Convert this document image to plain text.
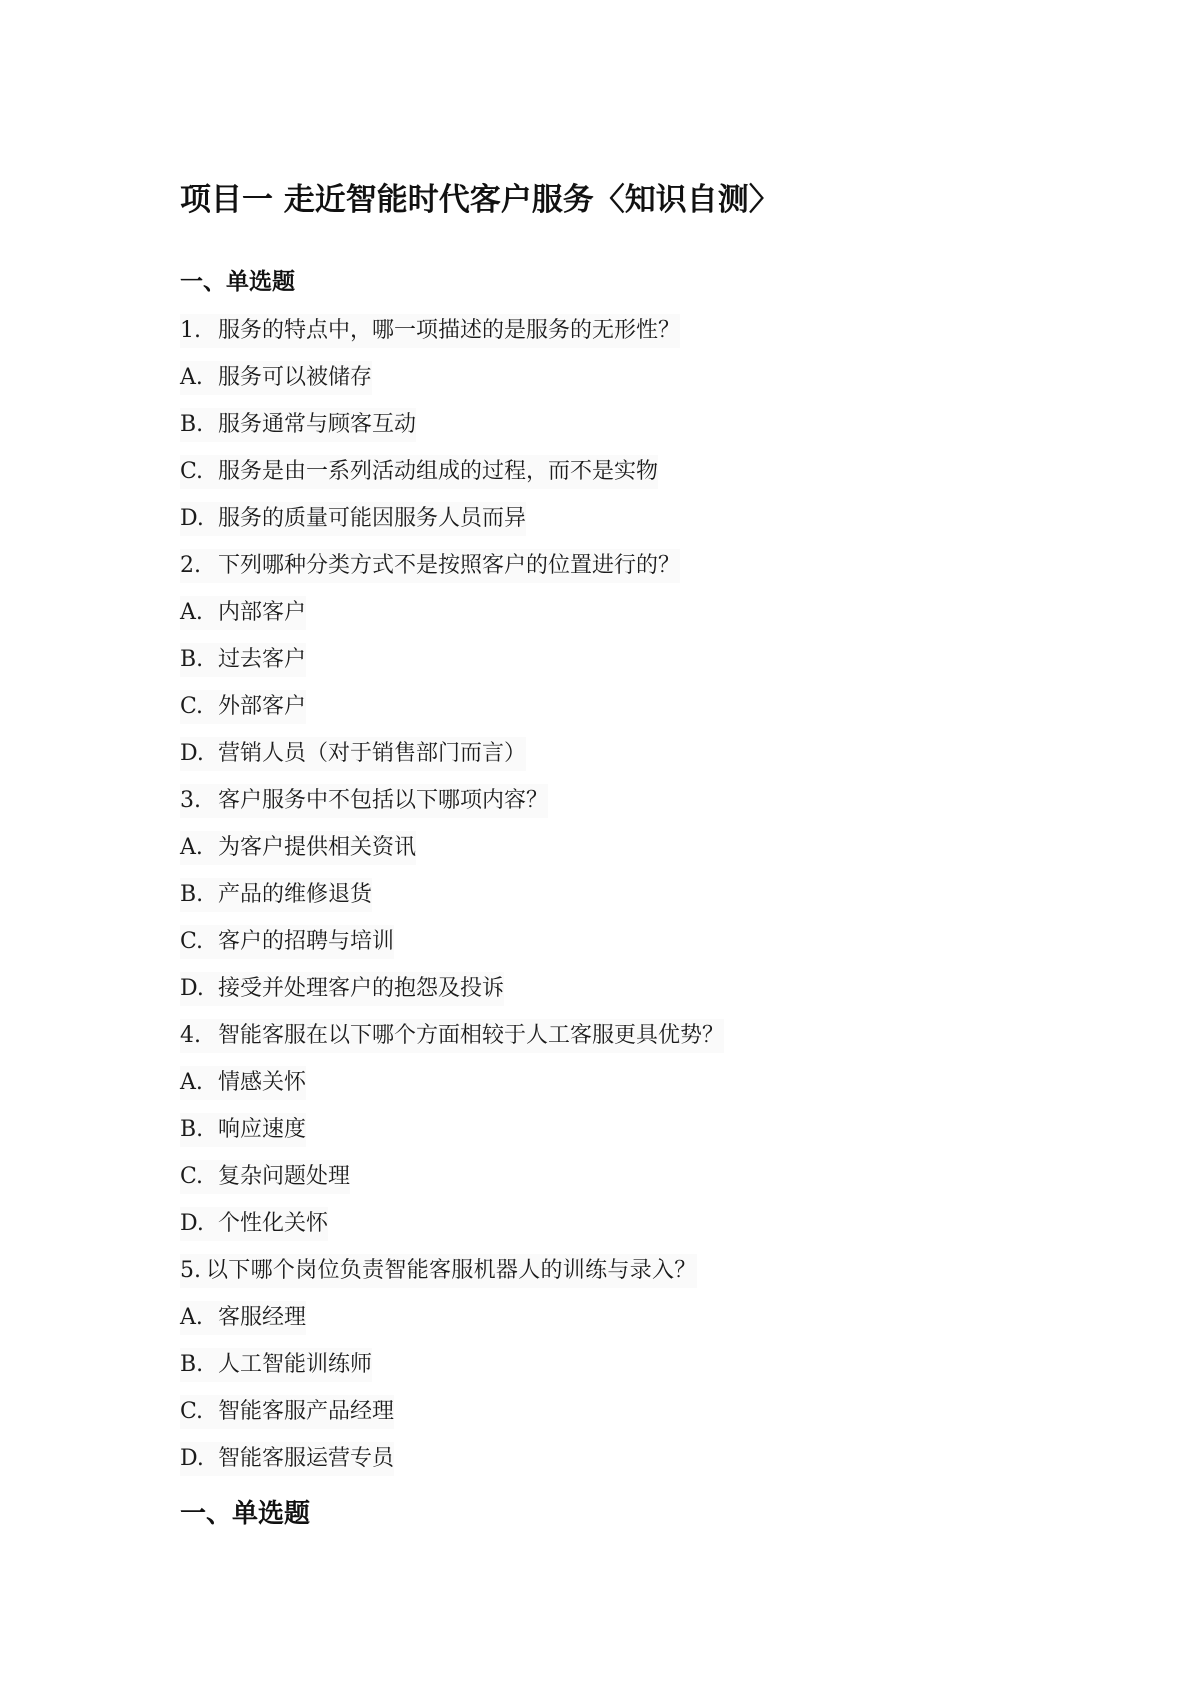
项目一 走近智能时代客户服务〈知识自测〉
一、单选题

1. 服务的特点中，哪一项描述的是服务的无形性？

A. 服务可以被储存

B. 服务通常与顾客互动

C. 服务是由一系列活动组成的过程，而不是实物

D. 服务的质量可能因服务人员而异

2. 下列哪种分类方式不是按照客户的位置进行的？

A. 内部客户

B. 过去客户

C. 外部客户

D. 营销人员（对于销售部门而言）

3. 客户服务中不包括以下哪项内容？

A. 为客户提供相关资讯

B. 产品的维修退货

C. 客户的招聘与培训

D. 接受并处理客户的抱怨及投诉

4. 智能客服在以下哪个方面相较于人工客服更具优势？

A. 情感关怀

B. 响应速度

C. 复杂问题处理

D. 个性化关怀

5. 以下哪个岗位负责智能客服机器人的训练与录入？

A. 客服经理

B. 人工智能训练师

C. 智能客服产品经理

D. 智能客服运营专员

一、单选题
